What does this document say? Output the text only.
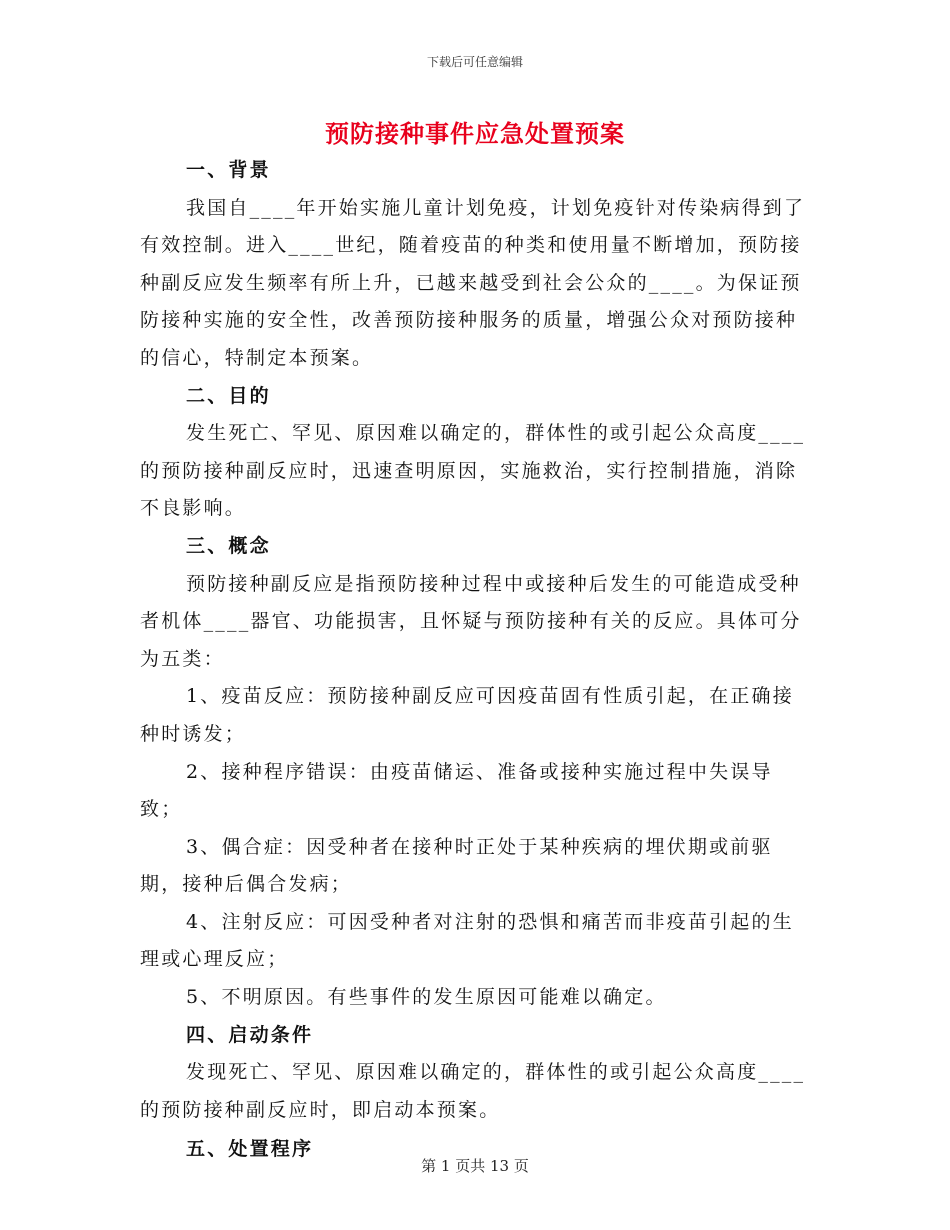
下载后可任意编辑
预防接种事件应急处置预案

一、背景

我国自____年开始实施儿童计划免疫，计划免疫针对传染病得到了有效控制。进入____世纪，随着疫苗的种类和使用量不断增加，预防接种副反应发生频率有所上升，已越来越受到社会公众的____。为保证预防接种实施的安全性，改善预防接种服务的质量，增强公众对预防接种的信心，特制定本预案。

二、目的

发生死亡、罕见、原因难以确定的，群体性的或引起公众高度____的预防接种副反应时，迅速查明原因，实施救治，实行控制措施，消除不良影响。

三、概念

预防接种副反应是指预防接种过程中或接种后发生的可能造成受种者机体____器官、功能损害，且怀疑与预防接种有关的反应。具体可分为五类：

1、疫苗反应：预防接种副反应可因疫苗固有性质引起，在正确接种时诱发；

2、接种程序错误：由疫苗储运、准备或接种实施过程中失误导致；

3、偶合症：因受种者在接种时正处于某种疾病的埋伏期或前驱期，接种后偶合发病；

4、注射反应：可因受种者对注射的恐惧和痛苦而非疫苗引起的生理或心理反应；

5、不明原因。有些事件的发生原因可能难以确定。

四、启动条件

发现死亡、罕见、原因难以确定的，群体性的或引起公众高度____的预防接种副反应时，即启动本预案。

五、处置程序

第 1 页共 13 页
